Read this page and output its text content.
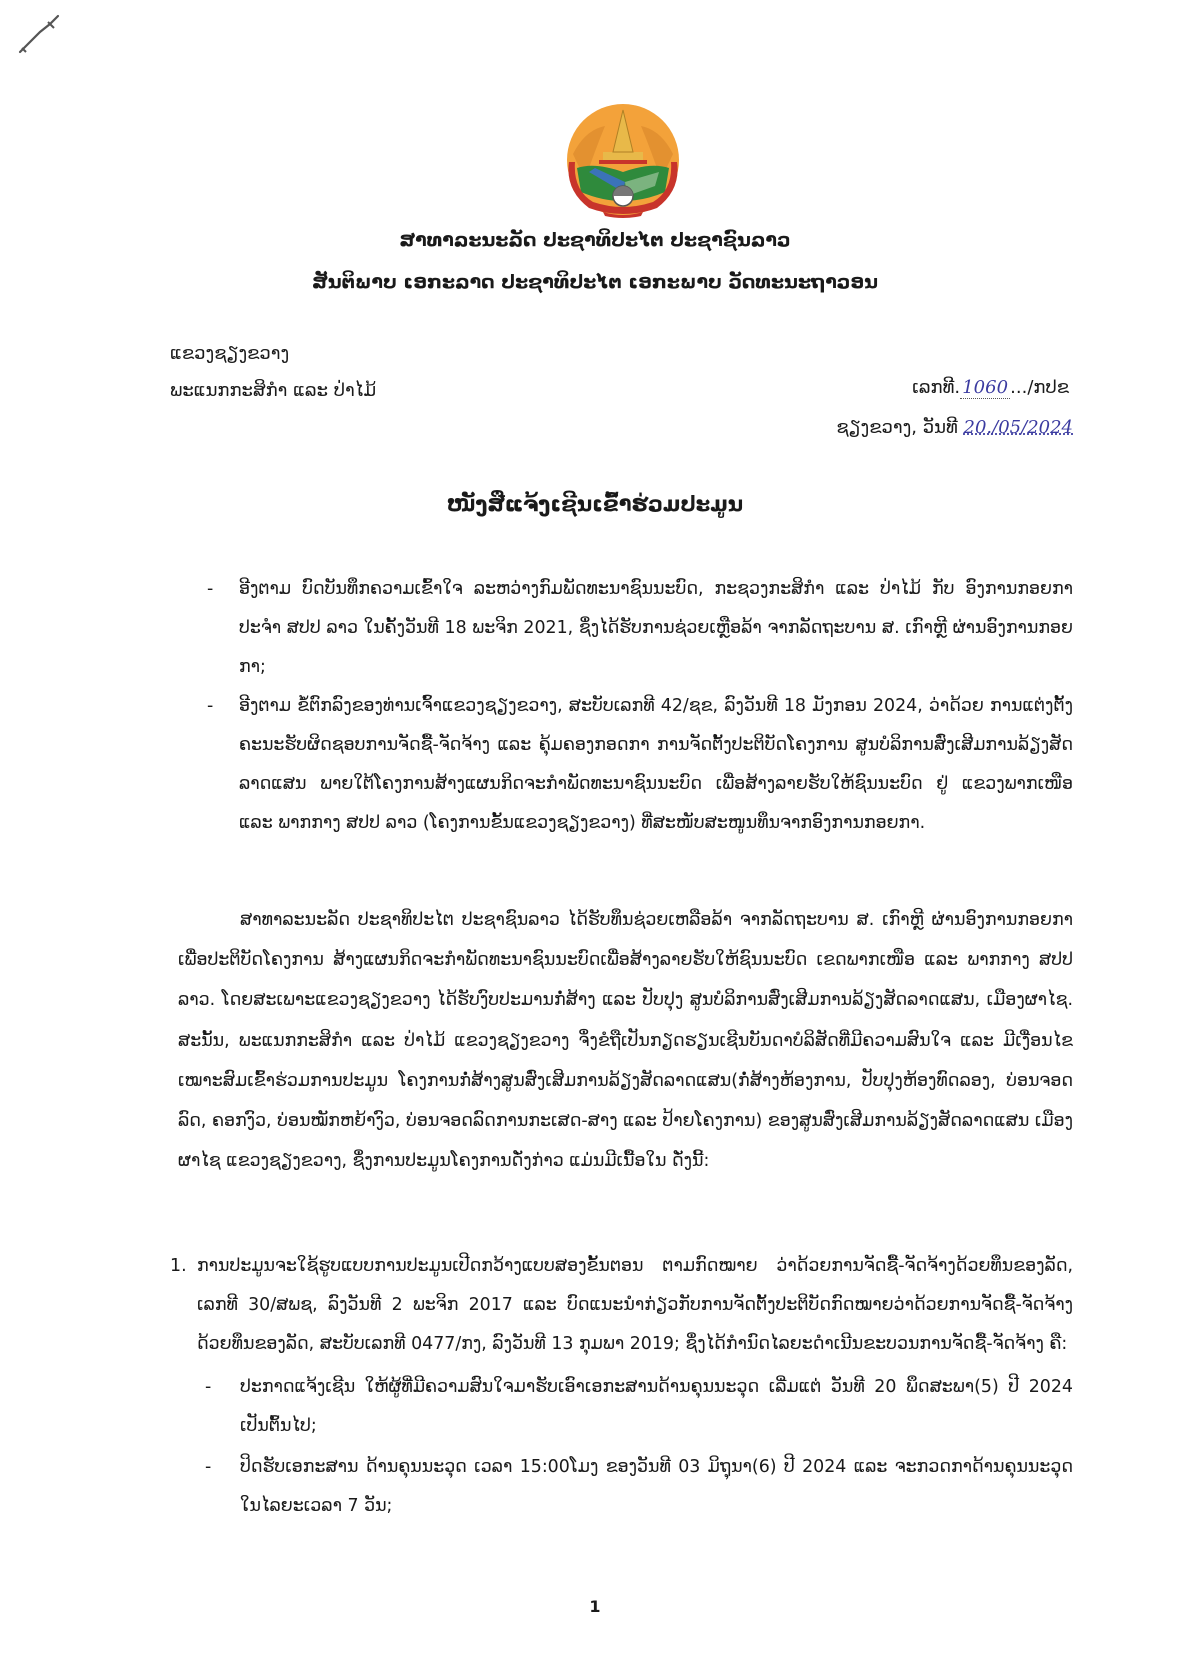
ສາທາລະນະລັດ ປະຊາທິປະໄຕ ປະຊາຊົນລາວ
ສັນຕິພາບ ເອກະລາດ ປະຊາທິປະໄຕ ເອກະພາບ ວັດທະນະຖາວອນ
ແຂວງຊຽງຂວາງ
ພະແນກກະສິກຳ ແລະ ປ່າໄມ້	ເລກທີ. 1060 .../ກປຂ
ຊຽງຂວາງ, ວັນທີ 20./05/2024
ໜັງສືແຈ້ງເຊີນເຂົ້າຮ່ວມປະມູນ
- ອີງຕາມ ບົດບັນທຶກຄວາມເຂົ້າໃຈ ລະຫວ່າງກົມພັດທະນາຊົນນະບົດ, ກະຊວງກະສິກຳ ແລະ ປ່າໄມ້ ກັບ ອົງການກອຍກາ ປະຈຳ ສປປ ລາວ ໃນຄັ້ງວັນທີ 18 ພະຈິກ 2021, ຊຶ່ງໄດ້ຮັບການຊ່ວຍເຫຼືອລ້າ ຈາກລັດຖະບານ ສ. ເກົາຫຼີ ຜ່ານອົງການກອຍກາ;
- ອີງຕາມ ຂໍ້ຕົກລົງຂອງທ່ານເຈົ້າແຂວງຊຽງຂວາງ, ສະບັບເລກທີ 42/ຊຂ, ລົງວັນທີ 18 ມັງກອນ 2024, ວ່າດ້ວຍ ການແຕ່ງຕັ້ງຄະນະຮັບຜິດຊອບການຈັດຊື້-ຈັດຈ້າງ ແລະ ຄຸ້ມຄອງກອດກາ ການຈັດຕັ້ງປະຕິບັດໂຄງການ ສູນບໍລິການສົ່ງເສີມການລ້ຽງສັດລາດແສນ ພາຍໃຕ້ໂຄງການສ້າງແຜນກິດຈະກຳພັດທະນາຊົນນະບົດ ເພື່ອສ້າງລາຍຮັບໃຫ້ຊົນນະບົດ ຢູ່ ແຂວງພາກເໜືອ ແລະ ພາກກາງ ສປປ ລາວ (ໂຄງການຂັ້ນແຂວງຊຽງຂວາງ) ທີ່ສະໜັບສະໜູນທຶນຈາກອົງການກອຍກາ.

ສາທາລະນະລັດ ປະຊາທິປະໄຕ ປະຊາຊົນລາວ ໄດ້ຮັບທຶນຊ່ວຍເຫລືອລ້າ ຈາກລັດຖະບານ ສ. ເກົາຫຼີ ຜ່ານອົງການກອຍກາ ເພື່ອປະຕິບັດໂຄງການ ສ້າງແຜນກິດຈະກຳພັດທະນາຊົນນະບົດເພື່ອສ້າງລາຍຮັບໃຫ້ຊົນນະບົດ ເຂດພາກເໜືອ ແລະ ພາກກາງ ສປປ ລາວ. ໂດຍສະເພາະແຂວງຊຽງຂວາງ ໄດ້ຮັບງົບປະມານກໍ່ສ້າງ ແລະ ປັບປຸງ ສູນບໍລິການສົ່ງເສີມການລ້ຽງສັດລາດແສນ, ເມືອງຜາໄຊ. ສະນັ້ນ, ພະແນກກະສິກຳ ແລະ ປ່າໄມ້ ແຂວງຊຽງຂວາງ ຈຶ່ງຂໍຖືເປັນກຽດຮຽນເຊີນບັນດາບໍລິສັດທີ່ມີຄວາມສົນໃຈ ແລະ ມີເງື່ອນໄຂເໝາະສົມເຂົ້າຮ່ວມການປະມູນ ໂຄງການກໍ່ສ້າງສູນສົ່ງເສີມການລ້ຽງສັດລາດແສນ(ກໍ່ສ້າງຫ້ອງການ, ປັບປຸງຫ້ອງທົດລອງ, ບ່ອນຈອດລົດ, ຄອກງົວ, ບ່ອນໝັກຫຍ້າງົວ, ບ່ອນຈອດລົດການກະເສດ-ສາງ ແລະ ປ້າຍໂຄງການ) ຂອງສູນສົ່ງເສີມການລ້ຽງສັດລາດແສນ ເມືອງຜາໄຊ ແຂວງຊຽງຂວາງ, ຊຶ່ງການປະມູນໂຄງການດັ່ງກ່າວ ແມ່ນມີເນື້ອໃນ ດັ່ງນີ້:

1. ການປະມູນຈະໃຊ້ຮູບແບບການປະມູນເປີດກວ້າງແບບສອງຂັ້ນຕອນ ຕາມກົດໝາຍ ວ່າດ້ວຍການຈັດຊື້-ຈັດຈ້າງດ້ວຍທຶນຂອງລັດ, ເລກທີ 30/ສພຊ, ລົງວັນທີ 2 ພະຈິກ 2017 ແລະ ບົດແນະນຳກ່ຽວກັບການຈັດຕັ້ງປະຕິບັດກົດໝາຍວ່າດ້ວຍການຈັດຊື້-ຈັດຈ້າງດ້ວຍທຶນຂອງລັດ, ສະບັບເລກທີ 0477/ກງ, ລົງວັນທີ 13 ກຸມພາ 2019; ຊຶ່ງໄດ້ກຳນົດໄລຍະດຳເນີນຂະບວນການຈັດຊື້-ຈັດຈ້າງ ຄື:
- ປະກາດແຈ້ງເຊີນ ໃຫ້ຜູ້ທີ່ມີຄວາມສົນໃຈມາຮັບເອົາເອກະສານດ້ານຄຸນນະວຸດ ເລີ່ມແຕ່ ວັນທີ 20 ພຶດສະພາ(5) ປີ 2024 ເປັນຕົ້ນໄປ;
- ປິດຮັບເອກະສານ ດ້ານຄຸນນະວຸດ ເວລາ 15:00ໂມງ ຂອງວັນທີ 03 ມິຖຸນາ(6) ປີ 2024 ແລະ ຈະກວດກາດ້ານຄຸນນະວຸດ ໃນໄລຍະເວລາ 7 ວັນ;
1
